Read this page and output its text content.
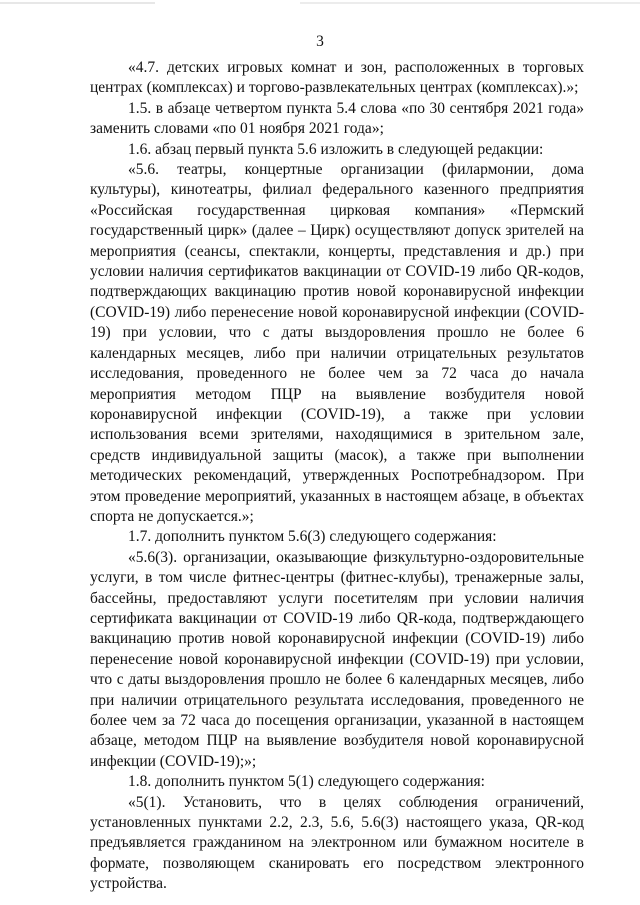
3

«4.7. детских игровых комнат и зон, расположенных в торговых центрах (комплексах) и торгово-развлекательных центрах (комплексах).»;

1.5. в абзаце четвертом пункта 5.4 слова «по 30 сентября 2021 года» заменить словами «по 01 ноября 2021 года»;

1.6. абзац первый пункта 5.6 изложить в следующей редакции:

«5.6. театры, концертные организации (филармонии, дома культуры), кинотеатры, филиал федерального казенного предприятия «Российская государственная цирковая компания» «Пермский государственный цирк» (далее – Цирк) осуществляют допуск зрителей на мероприятия (сеансы, спектакли, концерты, представления и др.) при условии наличия сертификатов вакцинации от COVID-19 либо QR-кодов, подтверждающих вакцинацию против новой коронавирусной инфекции (COVID-19) либо перенесение новой коронавирусной инфекции (COVID-19) при условии, что с даты выздоровления прошло не более 6 календарных месяцев, либо при наличии отрицательных результатов исследования, проведенного не более чем за 72 часа до начала мероприятия методом ПЦР на выявление возбудителя новой коронавирусной инфекции (COVID-19), а также при условии использования всеми зрителями, находящимися в зрительном зале, средств индивидуальной защиты (масок), а также при выполнении методических рекомендаций, утвержденных Роспотребнадзором. При этом проведение мероприятий, указанных в настоящем абзаце, в объектах спорта не допускается.»;

1.7. дополнить пунктом 5.6(3) следующего содержания:

«5.6(3). организации, оказывающие физкультурно-оздоровительные услуги, в том числе фитнес-центры (фитнес-клубы), тренажерные залы, бассейны, предоставляют услуги посетителям при условии наличия сертификата вакцинации от COVID-19 либо QR-кода, подтверждающего вакцинацию против новой коронавирусной инфекции (COVID-19) либо перенесение новой коронавирусной инфекции (COVID-19) при условии, что с даты выздоровления прошло не более 6 календарных месяцев, либо при наличии отрицательного результата исследования, проведенного не более чем за 72 часа до посещения организации, указанной в настоящем абзаце, методом ПЦР на выявление возбудителя новой коронавирусной инфекции (COVID-19);»;

1.8. дополнить пунктом 5(1) следующего содержания:

«5(1). Установить, что в целях соблюдения ограничений, установленных пунктами 2.2, 2.3, 5.6, 5.6(3) настоящего указа, QR-код предъявляется гражданином на электронном или бумажном носителе в формате, позволяющем сканировать его посредством электронного устройства.
